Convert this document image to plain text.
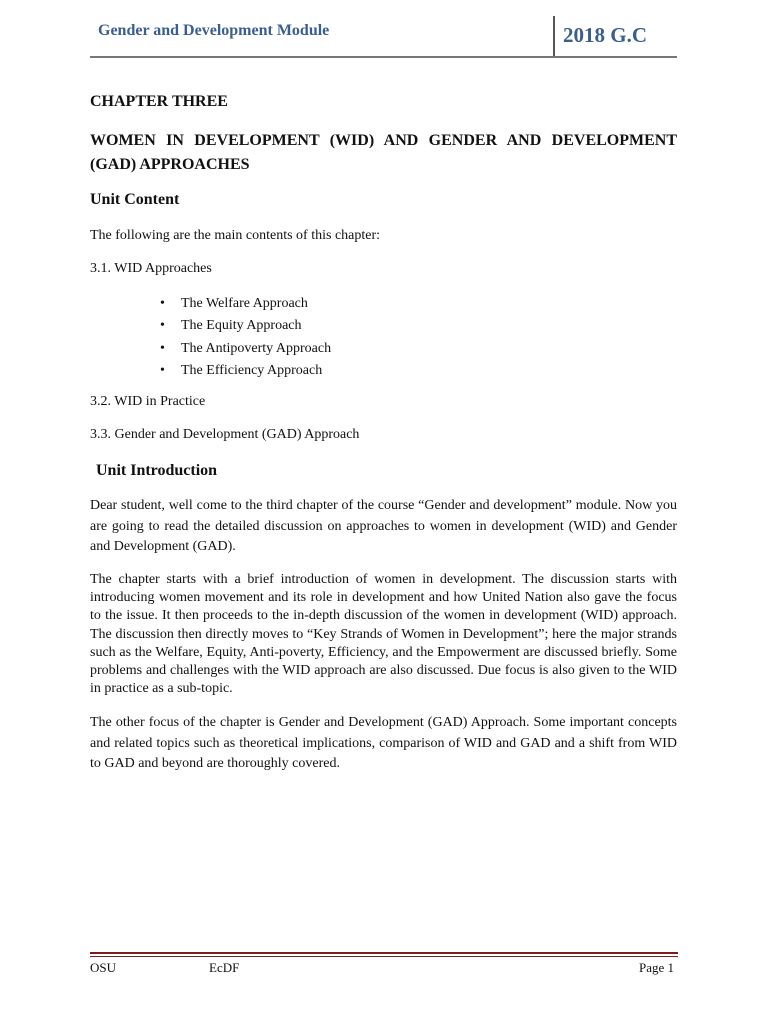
Gender and Development Module	2018 G.C
CHAPTER THREE
WOMEN IN DEVELOPMENT (WID) AND GENDER AND DEVELOPMENT (GAD) APPROACHES
Unit Content
The following are the main contents of this chapter:
3.1. WID Approaches
• The Welfare Approach
• The Equity Approach
• The Antipoverty Approach
• The Efficiency Approach
3.2. WID in Practice
3.3. Gender and Development (GAD) Approach
Unit Introduction
Dear student, well come to the third chapter of the course “Gender and development” module. Now you are going to read the detailed discussion on approaches to women in development (WID) and Gender and Development (GAD).
The chapter starts with a brief introduction of women in development. The discussion starts with introducing women movement and its role in development and how United Nation also gave the focus to the issue. It then proceeds to the in-depth discussion of the women in development (WID) approach. The discussion then directly moves to “Key Strands of Women in Development”; here the major strands such as the Welfare, Equity, Anti-poverty, Efficiency, and the Empowerment are discussed briefly. Some problems and challenges with the WID approach are also discussed. Due focus is also given to the WID in practice as a sub-topic.
The other focus of the chapter is Gender and Development (GAD) Approach. Some important concepts and related topics such as theoretical implications, comparison of WID and GAD and a shift from WID to GAD and beyond are thoroughly covered.
OSU	EcDF	Page 1
